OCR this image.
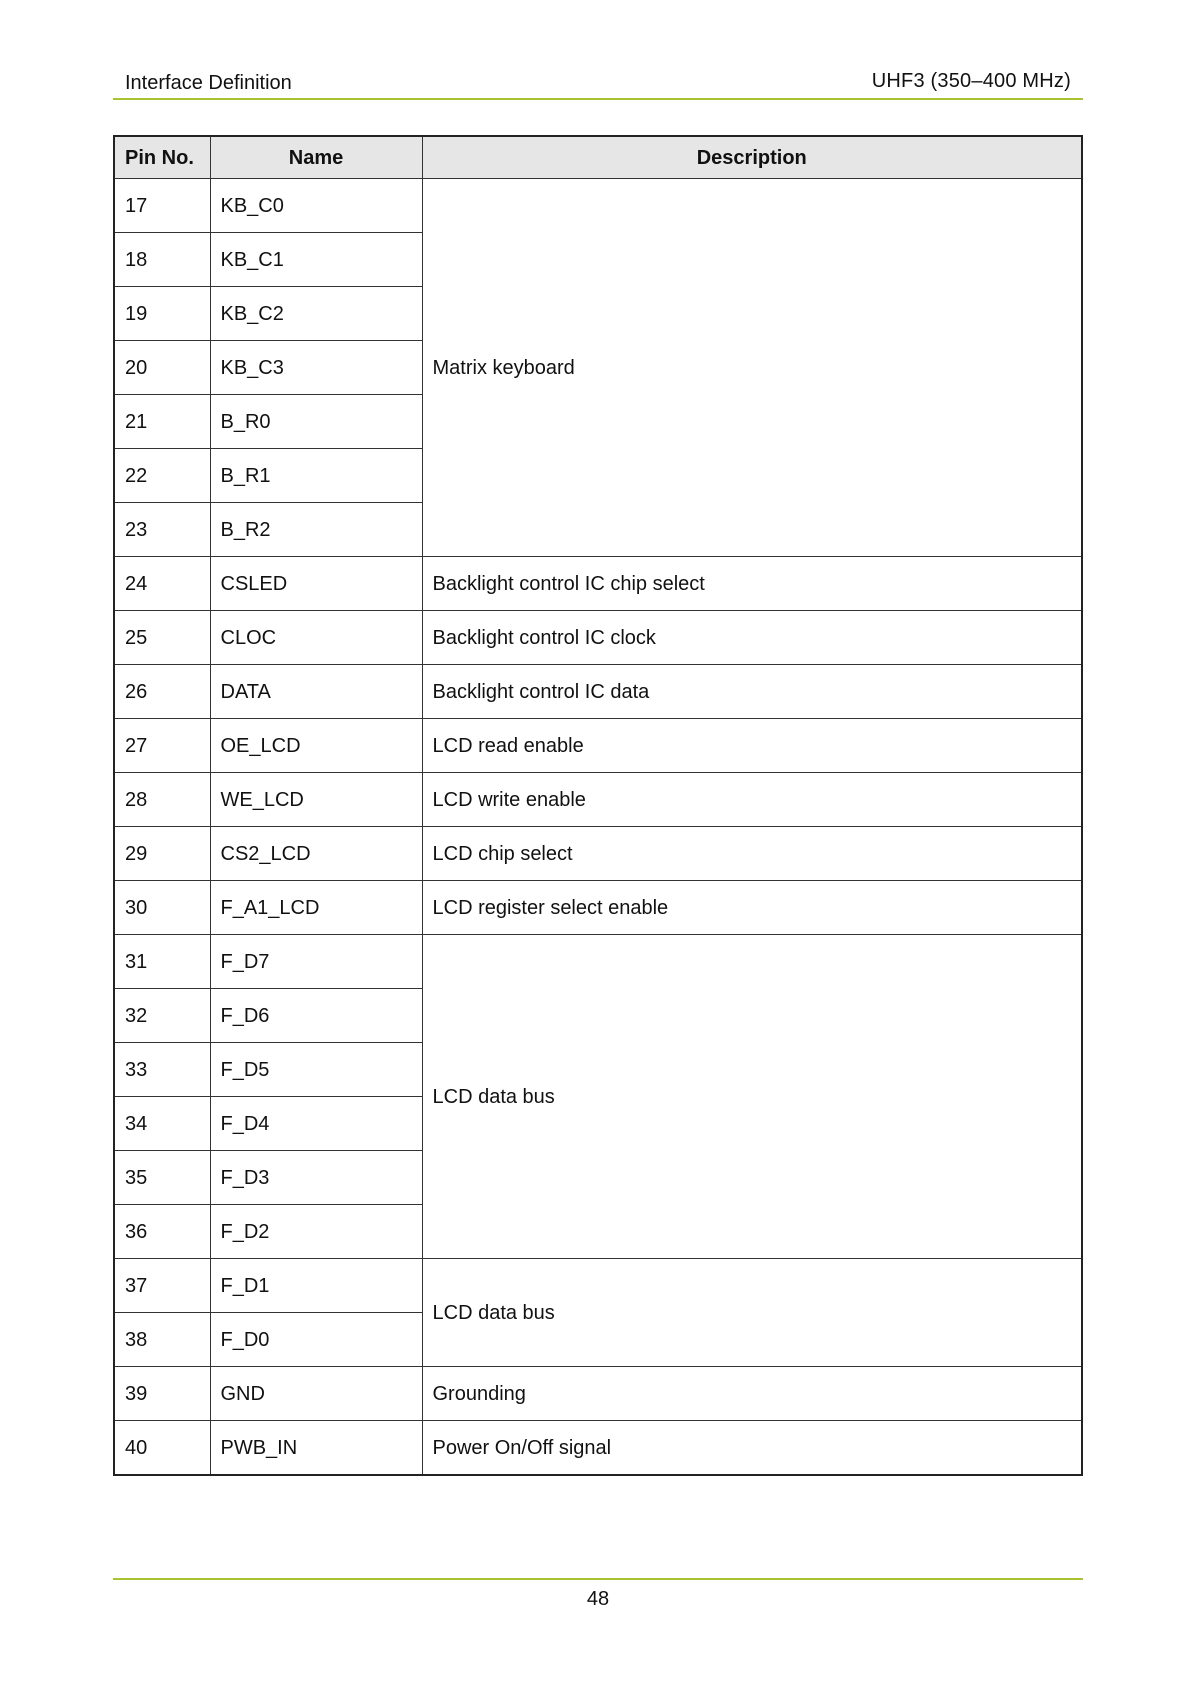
Interface Definition	UHF3 (350–400 MHz)
Pin No.	Name	Description
17	KB_C0	Matrix keyboard
18	KB_C1	
19	KB_C2	
20	KB_C3	
21	B_R0	
22	B_R1	
23	B_R2	
24	CSLED	Backlight control IC chip select
25	CLOC	Backlight control IC clock
26	DATA	Backlight control IC data
27	OE_LCD	LCD read enable
28	WE_LCD	LCD write enable
29	CS2_LCD	LCD chip select
30	F_A1_LCD	LCD register select enable
31	F_D7	LCD data bus
32	F_D6	
33	F_D5	
34	F_D4	
35	F_D3	
36	F_D2	
37	F_D1	LCD data bus
38	F_D0	
39	GND	Grounding
40	PWB_IN	Power On/Off signal
48
